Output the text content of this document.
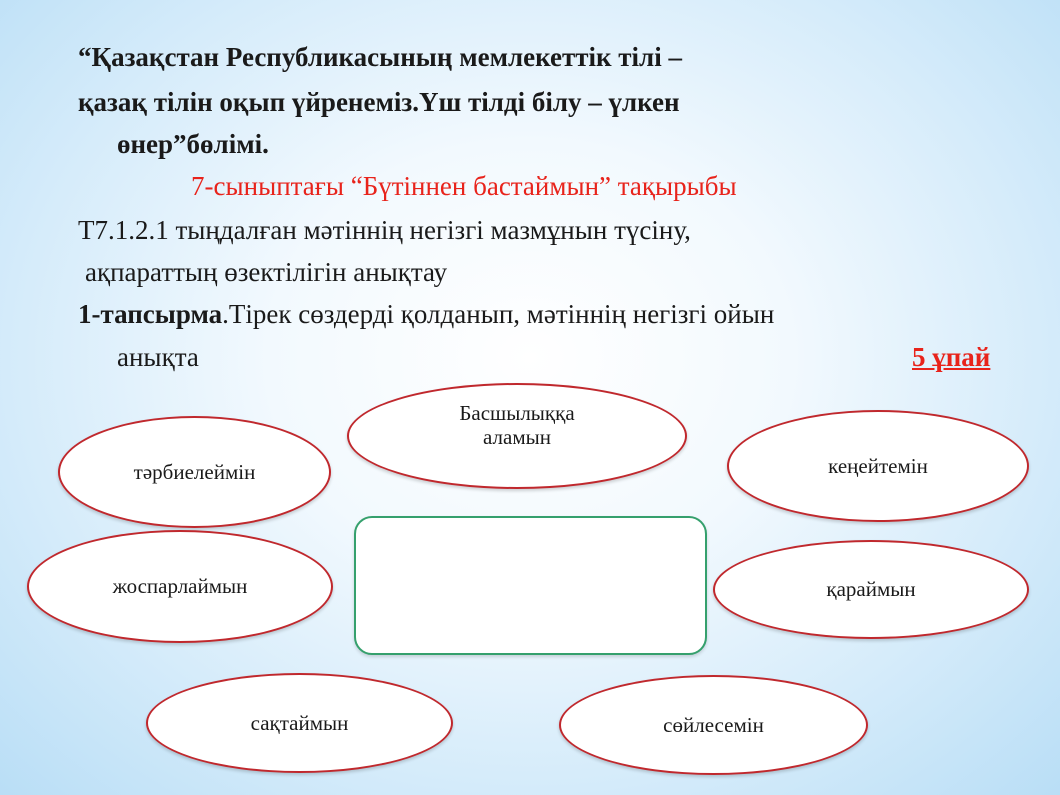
“Қазақстан Республикасының мемлекеттік тілі –
қазақ тілін оқып үйренеміз.Үш тілді білу – үлкен
өнер”бөлімі.
7-сыныптағы “Бүтіннен бастаймын” тақырыбы
Т7.1.2.1 тыңдалған мәтіннің негізгі мазмұнын түсіну,
ақпараттың өзектілігін анықтау
1-тапсырма.Тірек сөздерді қолданып, мәтіннің негізгі ойын
анықта	5 ұпай
Басшылыққа
аламын
тәрбиелеймін	кеңейтемін
жоспарлаймын	қараймын
сақтаймын	сөйлесемін
